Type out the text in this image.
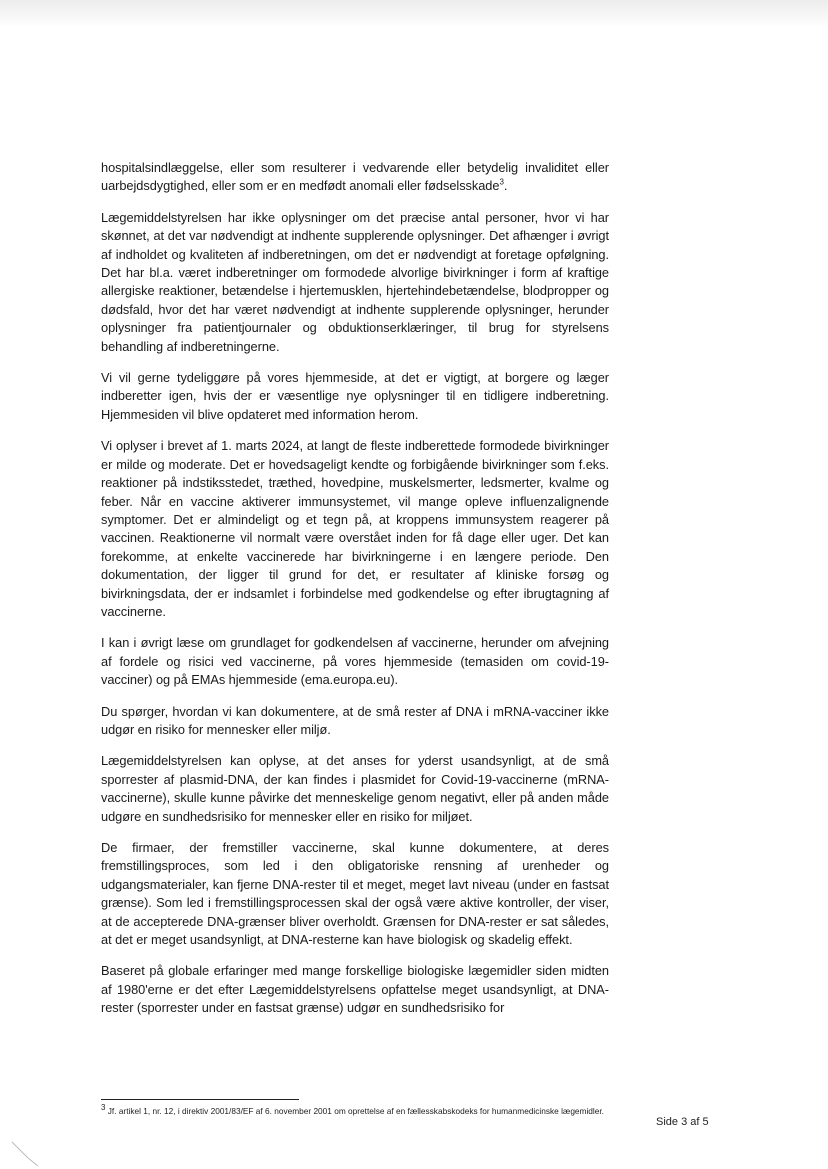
hospitalsindlæggelse, eller som resulterer i vedvarende eller betydelig invaliditet eller uarbejdsdygtighed, eller som er en medfødt anomali eller fødselsskade$^3$.

Lægemiddelstyrelsen har ikke oplysninger om det præcise antal personer, hvor vi har skønnet, at det var nødvendigt at indhente supplerende oplysninger. Det afhænger i øvrigt af indholdet og kvaliteten af indberetningen, om det er nødvendigt at foretage opfølgning. Det har bl.a. været indberetninger om formodede alvorlige bivirkninger i form af kraftige allergiske reaktioner, betændelse i hjertemusklen, hjertehindebetændelse, blodpropper og dødsfald, hvor det har været nødvendigt at indhente supplerende oplysninger, herunder oplysninger fra patientjournaler og obduktionserklæringer, til brug for styrelsens behandling af indberetningerne.

Vi vil gerne tydeliggøre på vores hjemmeside, at det er vigtigt, at borgere og læger indberetter igen, hvis der er væsentlige nye oplysninger til en tidligere indberetning. Hjemmesiden vil blive opdateret med information herom.

Vi oplyser i brevet af 1. marts 2024, at langt de fleste indberettede formodede bivirkninger er milde og moderate. Det er hovedsageligt kendte og forbigående bivirkninger som f.eks. reaktioner på indstiksstedet, træthed, hovedpine, muskelsmerter, ledsmerter, kvalme og feber. Når en vaccine aktiverer immunsystemet, vil mange opleve influenzalignende symptomer. Det er almindeligt og et tegn på, at kroppens immunsystem reagerer på vaccinen. Reaktionerne vil normalt være overstået inden for få dage eller uger. Det kan forekomme, at enkelte vaccinerede har bivirkningerne i en længere periode. Den dokumentation, der ligger til grund for det, er resultater af kliniske forsøg og bivirkningsdata, der er indsamlet i forbindelse med godkendelse og efter ibrugtagning af vaccinerne.

I kan i øvrigt læse om grundlaget for godkendelsen af vaccinerne, herunder om afvejning af fordele og risici ved vaccinerne, på vores hjemmeside (temasiden om covid-19-vacciner) og på EMAs hjemmeside (ema.europa.eu).

Du spørger, hvordan vi kan dokumentere, at de små rester af DNA i mRNA-vacciner ikke udgør en risiko for mennesker eller miljø.

Lægemiddelstyrelsen kan oplyse, at det anses for yderst usandsynligt, at de små sporrester af plasmid-DNA, der kan findes i plasmidet for Covid-19-vaccinerne (mRNA-vaccinerne), skulle kunne påvirke det menneskelige genom negativt, eller på anden måde udgøre en sundhedsrisiko for mennesker eller en risiko for miljøet.

De firmaer, der fremstiller vaccinerne, skal kunne dokumentere, at deres fremstillingsproces, som led i den obligatoriske rensning af urenheder og udgangsmaterialer, kan fjerne DNA-rester til et meget, meget lavt niveau (under en fastsat grænse). Som led i fremstillingsprocessen skal der også være aktive kontroller, der viser, at de accepterede DNA-grænser bliver overholdt. Grænsen for DNA-rester er sat således, at det er meget usandsynligt, at DNA-resterne kan have biologisk og skadelig effekt.

Baseret på globale erfaringer med mange forskellige biologiske lægemidler siden midten af 1980'erne er det efter Lægemiddelstyrelsens opfattelse meget usandsynligt, at DNA-rester (sporrester under en fastsat grænse) udgør en sundhedsrisiko for

$^3$ Jf. artikel 1, nr. 12, i direktiv 2001/83/EF af 6. november 2001 om oprettelse af en fællesskabskodeks for humanmedicinske lægemidler.
Side 3 af 5
